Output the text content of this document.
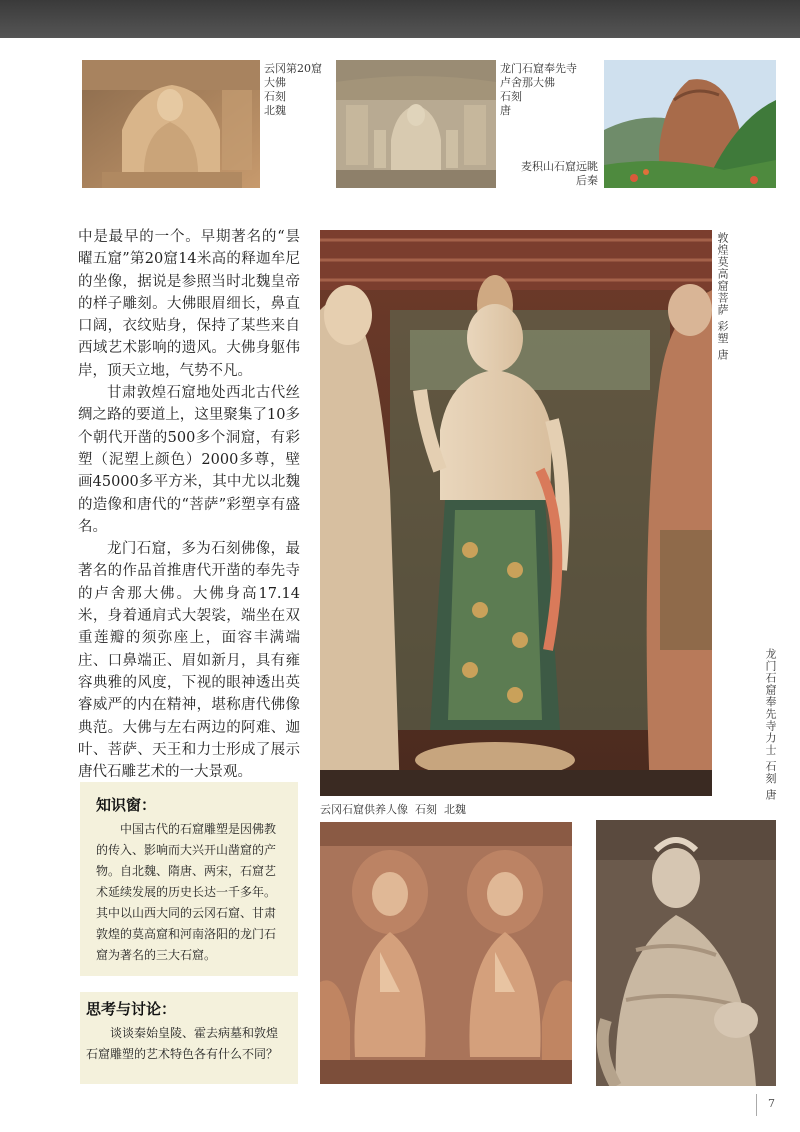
云冈第20窟
大佛
石刻
北魏
龙门石窟奉先寺
卢舍那大佛
石刻
唐
麦积山石窟远眺
后秦

中是最早的一个。早期著名的“昙曜五窟”第20窟14米高的释迦牟尼的坐像，据说是参照当时北魏皇帝的样子雕刻。大佛眼眉细长，鼻直口阔，衣纹贴身，保持了某些来自西域艺术影响的遗风。大佛身躯伟岸，顶天立地，气势不凡。

甘肃敦煌石窟地处西北古代丝绸之路的要道上，这里聚集了10多个朝代开凿的500多个洞窟，有彩塑（泥塑上颜色）2000多尊，壁画45000多平方米，其中尤以北魏的造像和唐代的“菩萨”彩塑享有盛名。

龙门石窟，多为石刻佛像，最著名的作品首推唐代开凿的奉先寺的卢舍那大佛。大佛身高17.14米，身着通肩式大袈裟，端坐在双重莲瓣的须弥座上，面容丰满端庄、口鼻端正、眉如新月，具有雍容典雅的风度，下视的眼神透出英睿威严的内在精神，堪称唐代佛像典范。大佛与左右两边的阿难、迦叶、菩萨、天王和力士形成了展示唐代石雕艺术的一大景观。

敦煌莫高窟菩萨 彩塑 唐
知识窗：

中国古代的石窟雕塑是因佛教的传入、影响而大兴开山凿窟的产物。自北魏、隋唐、两宋，石窟艺术延续发展的历史长达一千多年。其中以山西大同的云冈石窟、甘肃敦煌的莫高窟和河南洛阳的龙门石窟为著名的三大石窟。

思考与讨论：

谈谈秦始皇陵、霍去病墓和敦煌石窟雕塑的艺术特色各有什么不同？

云冈石窟供养人像  石刻  北魏
龙门石窟奉先寺力士 石刻 唐
7
